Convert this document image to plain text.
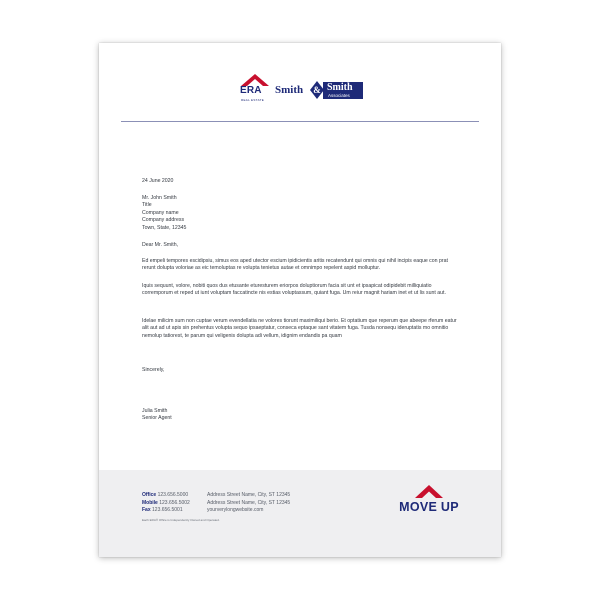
ERA
REAL ESTATE
Smith & Smith
Associates
24 June 2020

Mr. John Smith

Title

Company name

Company address

Town, State, 12345

Dear Mr. Smith,
Ed empeli tempores escidipsiu, simus eos aped utector escium ipidicientis aritis recatendunt qui omnis qui nihil incipis eaque con prat rerunt dolupta voloriae as eic temoluptas re volupta tenietus autae et omnimpo repelent aspid molluptur.
Iquis sequunt, volore, nobiti quos dus etusante eturesturem eriorpos doluptiorum facia sit unt et ipsapicat odipidebit milliquiatio corremporum et reped ut iunt voluptam faccatincte nis estias voluptassum, quiant fuga. Um reiur magnit hariam inet et ut lis sunt aut.
Idelae milicim sum non cuptae verum evendellatia ne volores tiorunt maximiliqui berio. Et optatium que reperum que abeepe rferum eatur alit aut ad ut apis sin prehentus volupta sequo ipsaeptatur, conseca eptaque sant vitatem fuga. Tusda nonsequ ideruptatis mo omnitio nemolup tatiorest, te parum qui veligenis dolupta adi vellum, idignim endandis pa quam
Sincerely,

Julia Smith

Senior Agent

Office 123.656.5000
Mobile 123.656.5002
Fax 123.656.5001
Address Street Name, City, ST 12345
Address Street Name, City, ST 12345
yourverylongwebsite.com
Each ERA® Office is Independently Owned and Operated.
MOVE UP
